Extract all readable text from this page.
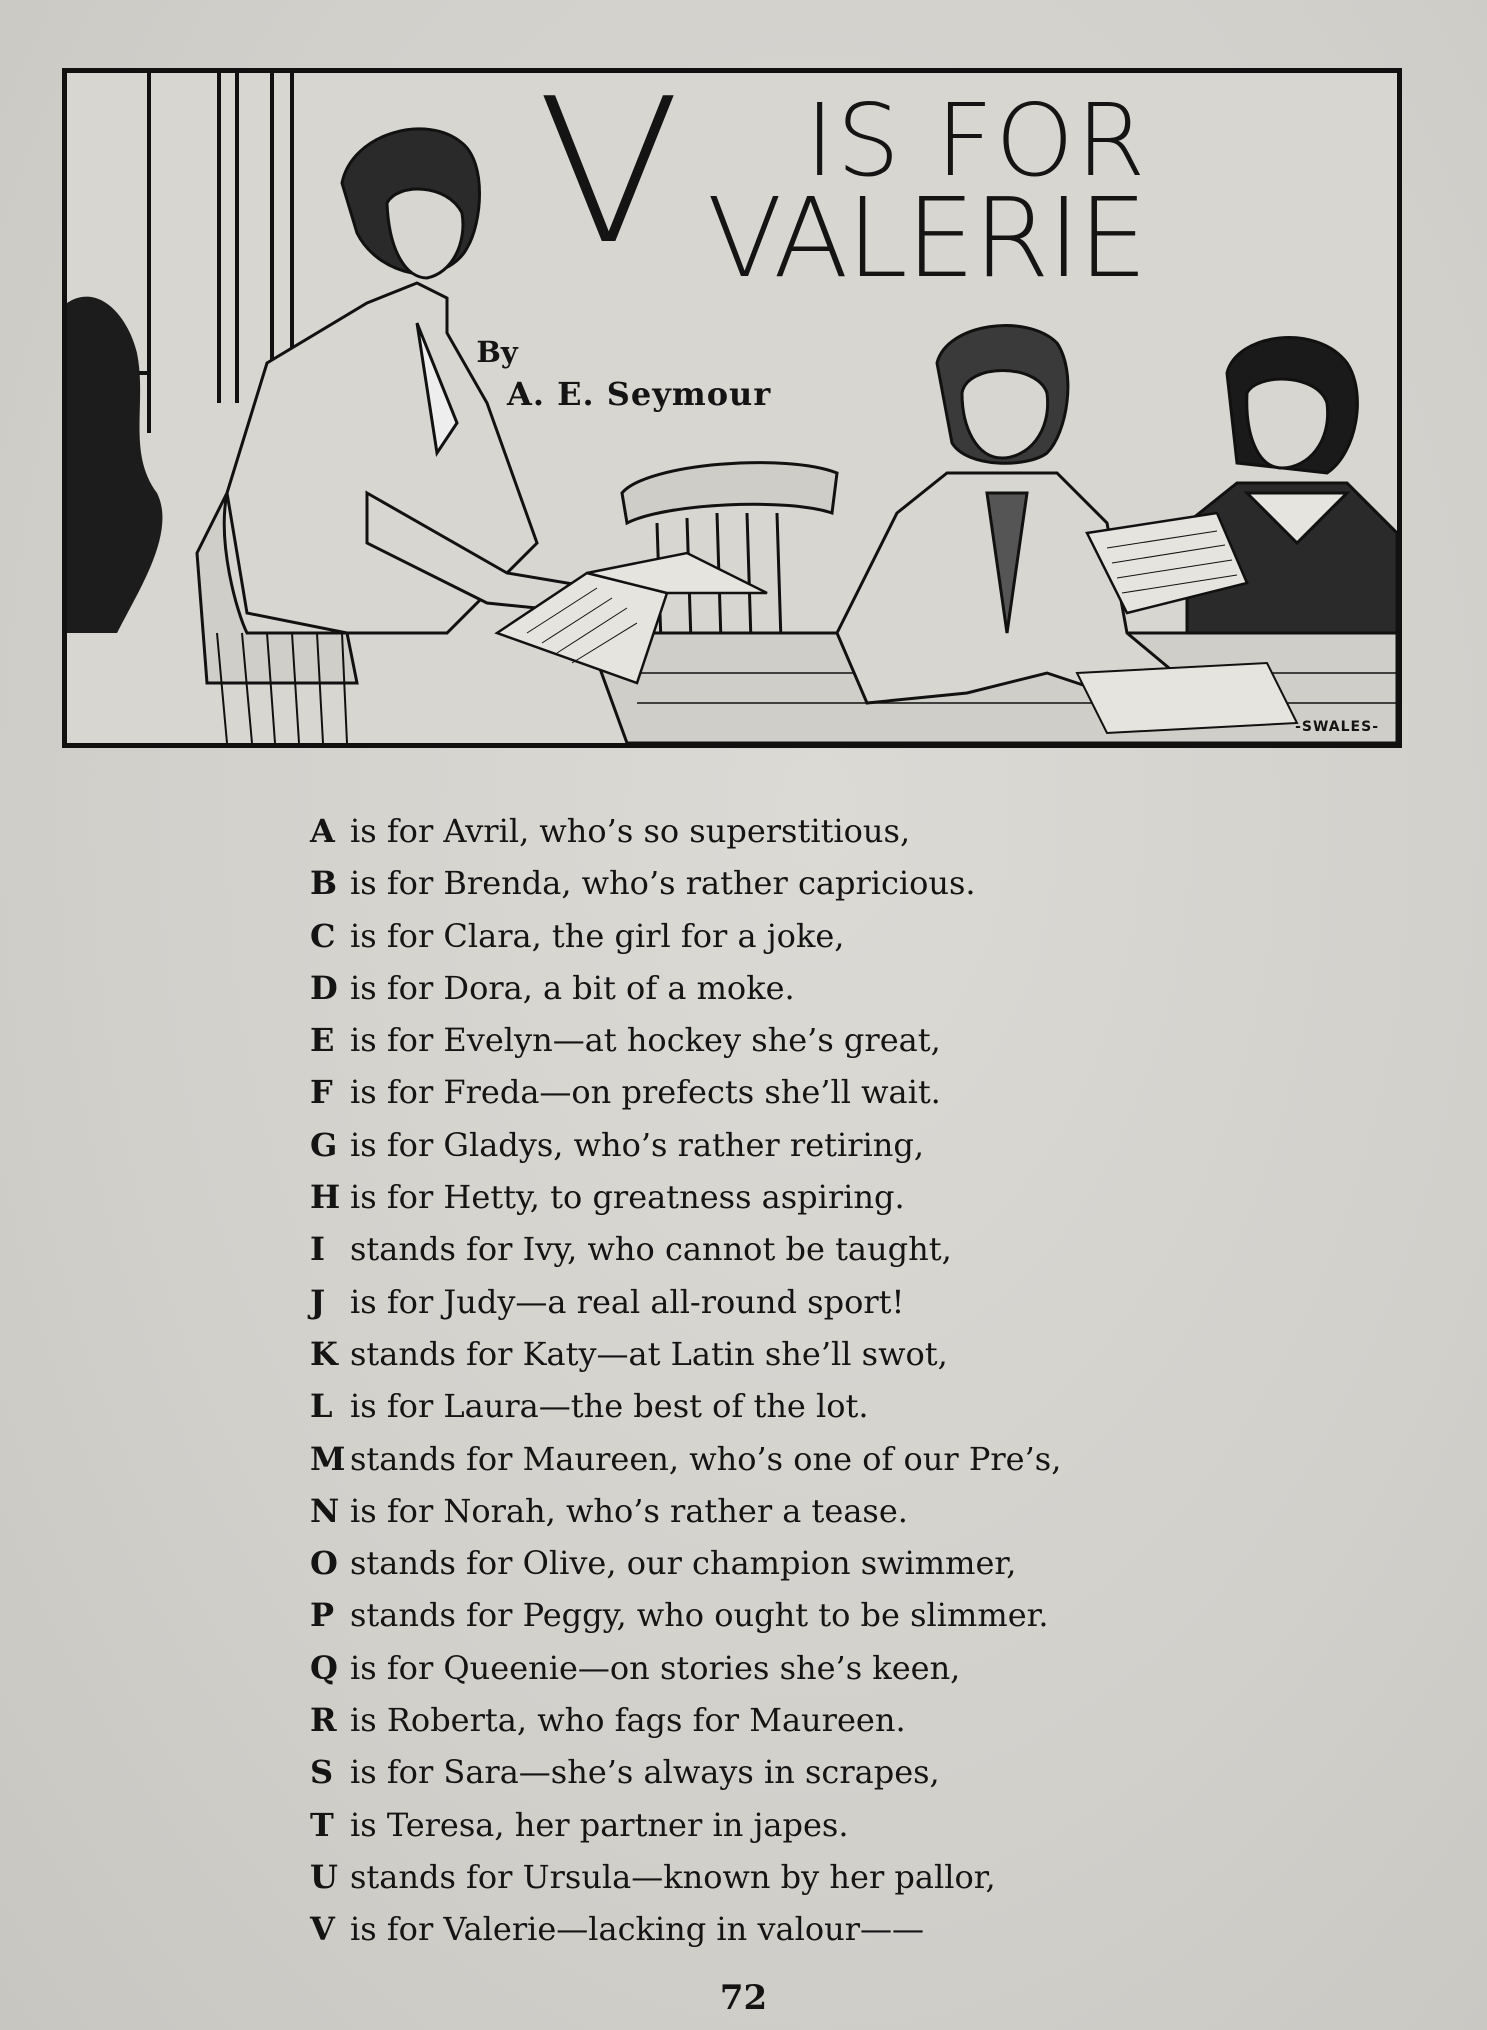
V IS FOR
VALERIE
By
A. E. Seymour
-SWALES-
A is for Avril, who’s so superstitious,
B is for Brenda, who’s rather capricious.
C is for Clara, the girl for a joke,
D is for Dora, a bit of a moke.
E is for Evelyn—at hockey she’s great,
F is for Freda—on prefects she’ll wait.
G is for Gladys, who’s rather retiring,
H is for Hetty, to greatness aspiring.
I stands for Ivy, who cannot be taught,
J is for Judy—a real all-round sport!
K stands for Katy—at Latin she’ll swot,
L is for Laura—the best of the lot.
M stands for Maureen, who’s one of our Pre’s,
N is for Norah, who’s rather a tease.
O stands for Olive, our champion swimmer,
P stands for Peggy, who ought to be slimmer.
Q is for Queenie—on stories she’s keen,
R is Roberta, who fags for Maureen.
S is for Sara—she’s always in scrapes,
T is Teresa, her partner in japes.
U stands for Ursula—known by her pallor,
V is for Valerie—lacking in valour——
72
